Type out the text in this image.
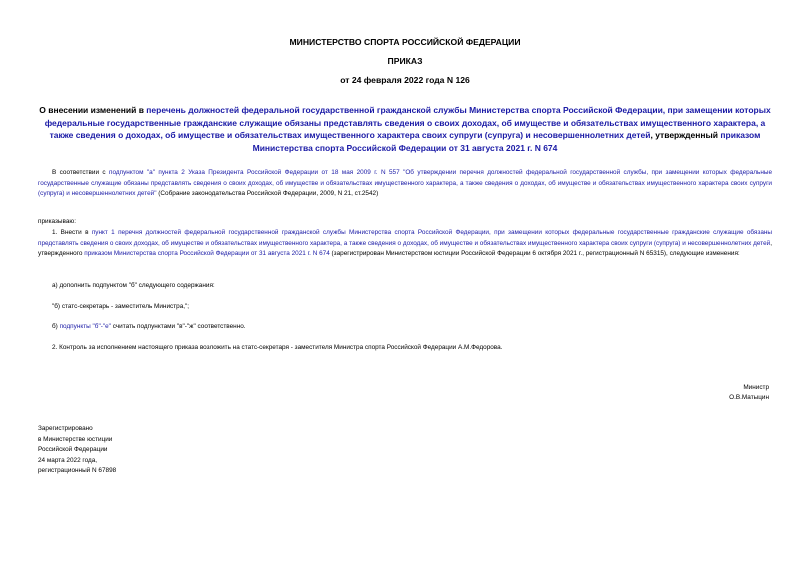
МИНИСТЕРСТВО СПОРТА РОССИЙСКОЙ ФЕДЕРАЦИИ
ПРИКАЗ
от 24 февраля 2022 года N 126
О внесении изменений в перечень должностей федеральной государственной гражданской службы Министерства спорта Российской Федерации, при замещении которых федеральные государственные гражданские служащие обязаны представлять сведения о своих доходах, об имуществе и обязательствах имущественного характера, а также сведения о доходах, об имуществе и обязательствах имущественного характера своих супруги (супруга) и несовершеннолетних детей, утвержденный приказом Министерства спорта Российской Федерации от 31 августа 2021 г. N 674
В соответствии с подпунктом "а" пункта 2 Указа Президента Российской Федерации от 18 мая 2009 г. N 557 "Об утверждении перечня должностей федеральной государственной службы, при замещении которых федеральные государственные служащие обязаны представлять сведения о своих доходах, об имуществе и обязательствах имущественного характера, а также сведения о доходах, об имуществе и обязательствах имущественного характера своих супруги (супруга) и несовершеннолетних детей" (Собрание законодательства Российской Федерации, 2009, N 21, ст.2542)
приказываю:
1. Внести в пункт 1 перечня должностей федеральной государственной гражданской службы Министерства спорта Российской Федерации, при замещении которых федеральные государственные гражданские служащие обязаны представлять сведения о своих доходах, об имуществе и обязательствах имущественного характера, а также сведения о доходах, об имуществе и обязательствах имущественного характера своих супруги (супруга) и несовершеннолетних детей, утвержденного приказом Министерства спорта Российской Федерации от 31 августа 2021 г. N 674 (зарегистрирован Министерством юстиции Российской Федерации 6 октября 2021 г., регистрационный N 65315), следующие изменения:
а) дополнить подпунктом "б" следующего содержания:
"б) статс-секретарь - заместитель Министра,";
б) подпункты "б"-"е" считать подпунктами "в"-"ж" соответственно.
2. Контроль за исполнением настоящего приказа возложить на статс-секретаря - заместителя Министра спорта Российской Федерации А.М.Федорова.
Министр
О.В.Матыцин
Зарегистрировано
в Министерстве юстиции
Российской Федерации
24 марта 2022 года,
регистрационный N 67898
